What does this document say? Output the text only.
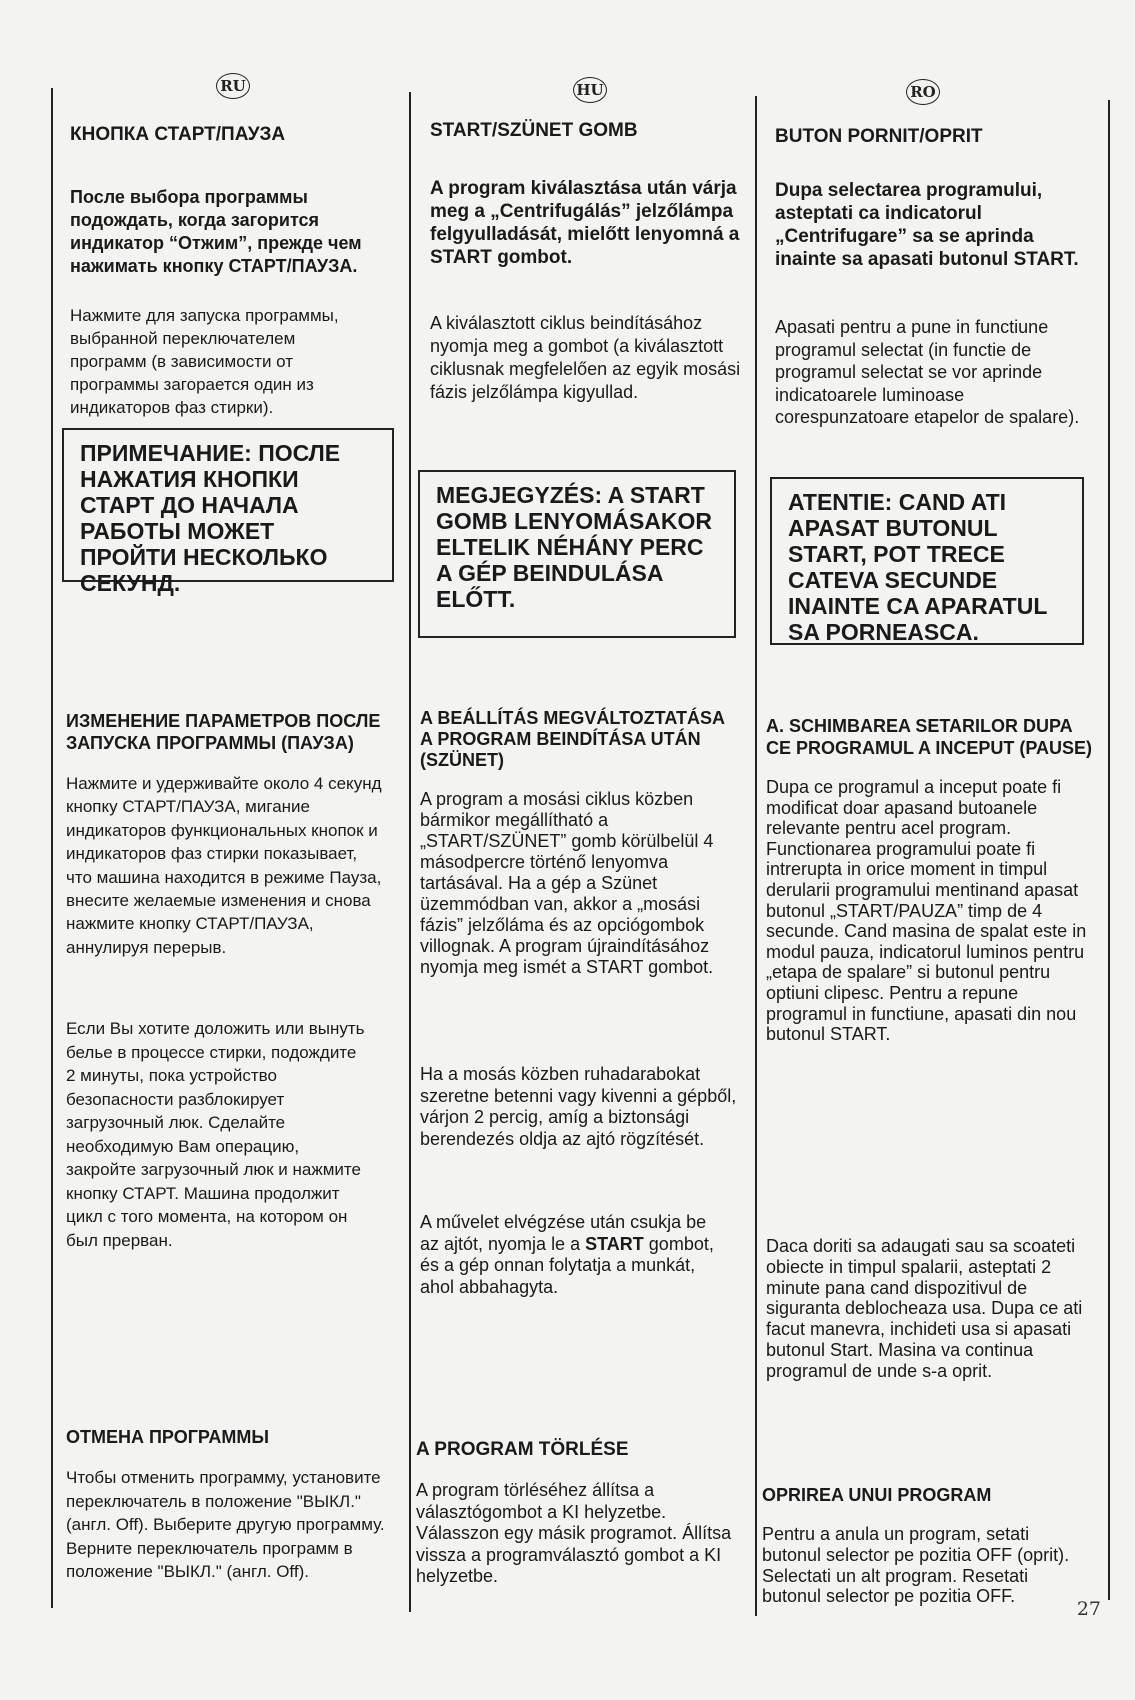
RU
КНОПКА СТАРТ/ПАУЗА

После выбора программы подождать, когда загорится индикатор “Отжим”, прежде чем нажимать кнопку СТАРТ/ПАУЗА.

Нажмите для запуска программы, выбранной переключателем программ (в зависимости от программы загорается один из индикаторов фаз стирки).

ПРИМЕЧАНИЕ: ПОСЛЕ НАЖАТИЯ КНОПКИ СТАРТ ДО НАЧАЛА РАБОТЫ МОЖЕТ ПРОЙТИ НЕСКОЛЬКО СЕКУНД.

ИЗМЕНЕНИЕ ПАРАМЕТРОВ ПОСЛЕ ЗАПУСКА ПРОГРАММЫ (ПАУЗА)

Нажмите и удерживайте около 4 секунд кнопку СТАРТ/ПАУЗА, мигание индикаторов функциональных кнопок и индикаторов фаз стирки показывает, что машина находится в режиме Пауза, внесите желаемые изменения и снова нажмите кнопку СТАРТ/ПАУЗА, аннулируя перерыв.

Если Вы хотите доложить или вынуть белье в процессе стирки, подождите 2 минуты, пока устройство безопасности разблокирует загрузочный люк. Сделайте необходимую Вам операцию, закройте загрузочный люк и нажмите кнопку СТАРТ. Машина продолжит цикл с того момента, на котором он был прерван.

ОТМЕНА ПРОГРАММЫ

Чтобы отменить программу, установите переключатель в положение "ВЫКЛ." (англ. Off). Выберите другую программу. Верните переключатель программ в положение "ВЫКЛ." (англ. Off).

HU
START/SZÜNET GOMB

A program kiválasztása után várja meg a „Centrifugálás” jelzőlámpa felgyulladását, mielőtt lenyomná a START gombot.

A kiválasztott ciklus beindításához nyomja meg a gombot (a kiválasztott ciklusnak megfelelően az egyik mosási fázis jelzőlámpa kigyullad.

MEGJEGYZÉS: A START GOMB LENYOMÁSAKOR ELTELIK NÉHÁNY PERC A GÉP BEINDULÁSA ELŐTT.

A BEÁLLÍTÁS MEGVÁLTOZTATÁSA A PROGRAM BEINDÍTÁSA UTÁN (SZÜNET)

A program a mosási ciklus közben bármikor megállítható a „START/SZÜNET” gomb körülbelül 4 másodpercre történő lenyomva tartásával. Ha a gép a Szünet üzemmódban van, akkor a „mosási fázis” jelzőláma és az opciógombok villognak. A program újraindításához nyomja meg ismét a START gombot.

Ha a mosás közben ruhadarabokat szeretne betenni vagy kivenni a gépből, várjon 2 percig, amíg a biztonsági berendezés oldja az ajtó rögzítését.

A művelet elvégzése után csukja be az ajtót, nyomja le a START gombot, és a gép onnan folytatja a munkát, ahol abbahagyta.

A PROGRAM TÖRLÉSE

A program törléséhez állítsa a választógombot a KI helyzetbe. Válasszon egy másik programot. Állítsa vissza a programválasztó gombot a KI helyzetbe.

RO
BUTON PORNIT/OPRIT

Dupa selectarea programului, asteptati ca indicatorul „Centrifugare” sa se aprinda inainte sa apasati butonul START.

Apasati pentru a pune in functiune programul selectat (in functie de programul selectat se vor aprinde indicatoarele luminoase corespunzatoare etapelor de spalare).

ATENTIE: CAND ATI APASAT BUTONUL START, POT TRECE CATEVA SECUNDE INAINTE CA APARATUL SA PORNEASCA.

A. SCHIMBAREA SETARILOR DUPA CE PROGRAMUL A INCEPUT (PAUSE)

Dupa ce programul a inceput poate fi modificat doar apasand butoanele relevante pentru acel program. Functionarea programului poate fi intrerupta in orice moment in timpul derularii programului mentinand apasat butonul „START/PAUZA” timp de 4 secunde. Cand masina de spalat este in modul pauza, indicatorul luminos pentru „etapa de spalare” si butonul pentru optiuni clipesc. Pentru a repune programul in functiune, apasati din nou butonul START.

Daca doriti sa adaugati sau sa scoateti obiecte in timpul spalarii, asteptati 2 minute pana cand dispozitivul de siguranta deblocheaza usa. Dupa ce ati facut manevra, inchideti usa si apasati butonul Start. Masina va continua programul de unde s-a oprit.

OPRIREA UNUI PROGRAM

Pentru a anula un program, setati butonul selector pe pozitia OFF (oprit). Selectati un alt program. Resetati butonul selector pe pozitia OFF.

27
